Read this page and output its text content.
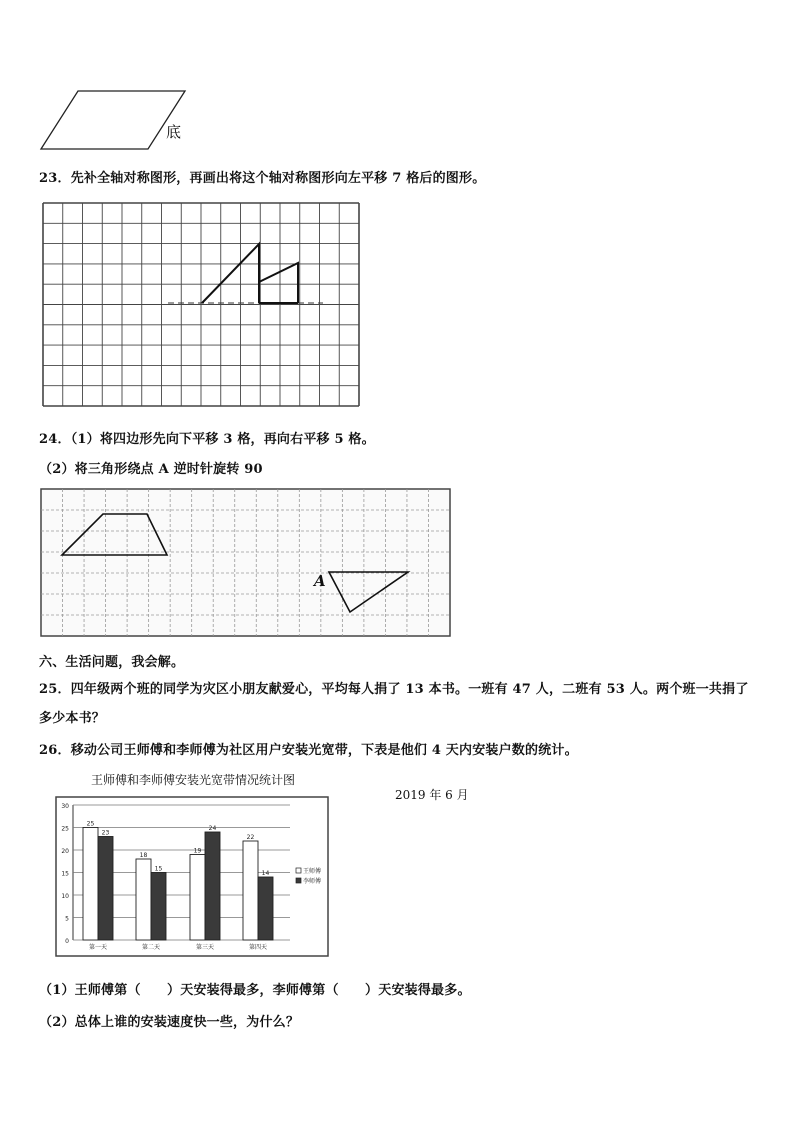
底
23．先补全轴对称图形，再画出将这个轴对称图形向左平移 7 格后的图形。
24．（1）将四边形先向下平移 3 格，再向右平移 5 格。
（2）将三角形绕点 A 逆时针旋转 90
A
六、生活问题，我会解。
25．四年级两个班的同学为灾区小朋友献爱心，平均每人捐了 13 本书。一班有 47 人，二班有 53 人。两个班一共捐了
多少本书？
26．移动公司王师傅和李师傅为社区用户安装光宽带，下表是他们 4 天内安装户数的统计。
王师傅和李师傅安装光宽带情况统计图
2019 年 6 月
0
5
10
15
20
25
30
25
23
第一天
18
15
第二天
19
24
第三天
22
14
第四天
王师傅
李师傅
（1）王师傅第（　　）天安装得最多，李师傅第（　　）天安装得最多。
（2）总体上谁的安装速度快一些，为什么？
